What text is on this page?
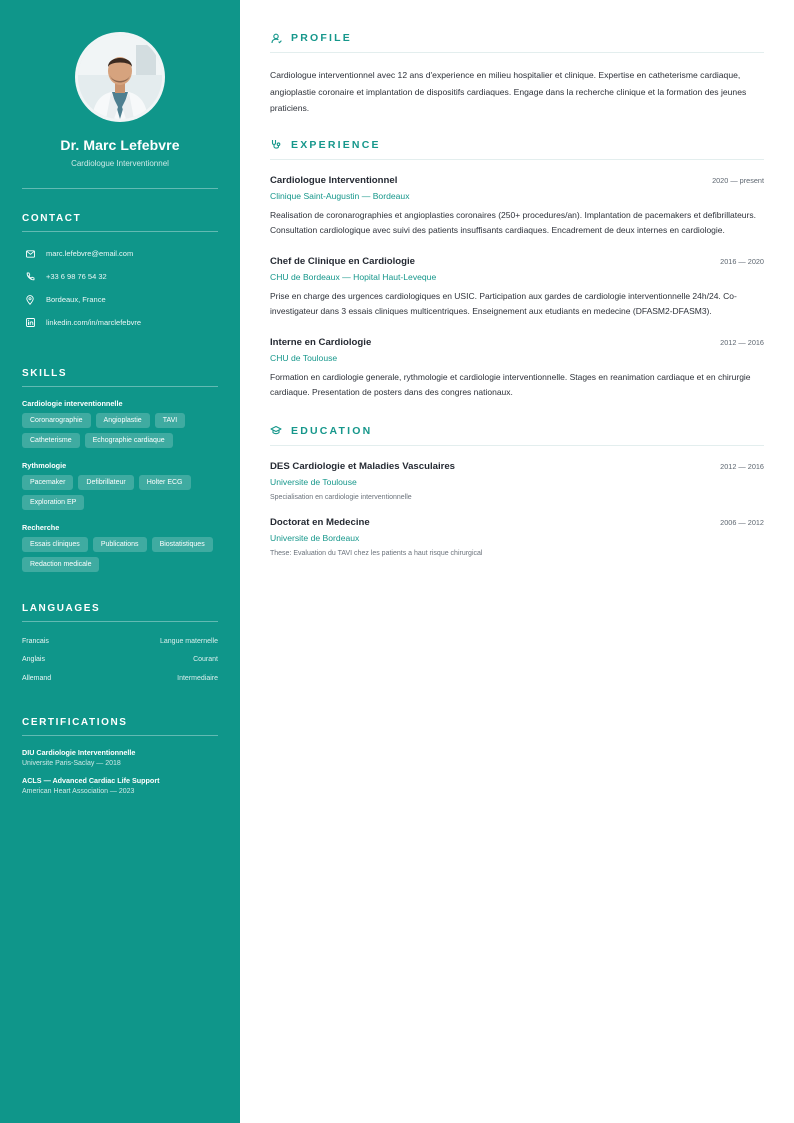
Dr. Marc Lefebvre
Cardiologue Interventionnel
CONTACT
marc.lefebvre@email.com
+33 6 98 76 54 32
Bordeaux, France
linkedin.com/in/marclefebvre
SKILLS
Cardiologie interventionnelle
Coronarographie	Angioplastie	TAVI
Catheterisme	Echographie cardiaque
Rythmologie
Pacemaker	Defibrillateur	Holter ECG
Exploration EP
Recherche
Essais cliniques	Publications	Biostatistiques
Redaction medicale
LANGUAGES
Francais	Langue maternelle
Anglais	Courant
Allemand	Intermediaire
CERTIFICATIONS
DIU Cardiologie Interventionnelle
Universite Paris-Saclay — 2018
ACLS — Advanced Cardiac Life Support
American Heart Association — 2023
PROFILE

Cardiologue interventionnel avec 12 ans d'experience en milieu hospitalier et clinique. Expertise en catheterisme cardiaque, angioplastie coronaire et implantation de dispositifs cardiaques. Engage dans la recherche clinique et la formation des jeunes praticiens.

EXPERIENCE
Cardiologue Interventionnel	2020 — present
Clinique Saint-Augustin — Bordeaux

Realisation de coronarographies et angioplasties coronaires (250+ procedures/an). Implantation de pacemakers et defibrillateurs. Consultation cardiologique avec suivi des patients insuffisants cardiaques. Encadrement de deux internes en cardiologie.

Chef de Clinique en Cardiologie	2016 — 2020
CHU de Bordeaux — Hopital Haut-Leveque

Prise en charge des urgences cardiologiques en USIC. Participation aux gardes de cardiologie interventionnelle 24h/24. Co-investigateur dans 3 essais cliniques multicentriques. Enseignement aux etudiants en medecine (DFASM2-DFASM3).

Interne en Cardiologie	2012 — 2016
CHU de Toulouse

Formation en cardiologie generale, rythmologie et cardiologie interventionnelle. Stages en reanimation cardiaque et en chirurgie cardiaque. Presentation de posters dans des congres nationaux.

EDUCATION
DES Cardiologie et Maladies Vasculaires	2012 — 2016
Universite de Toulouse
Specialisation en cardiologie interventionnelle
Doctorat en Medecine	2006 — 2012
Universite de Bordeaux
These: Evaluation du TAVI chez les patients a haut risque chirurgical
